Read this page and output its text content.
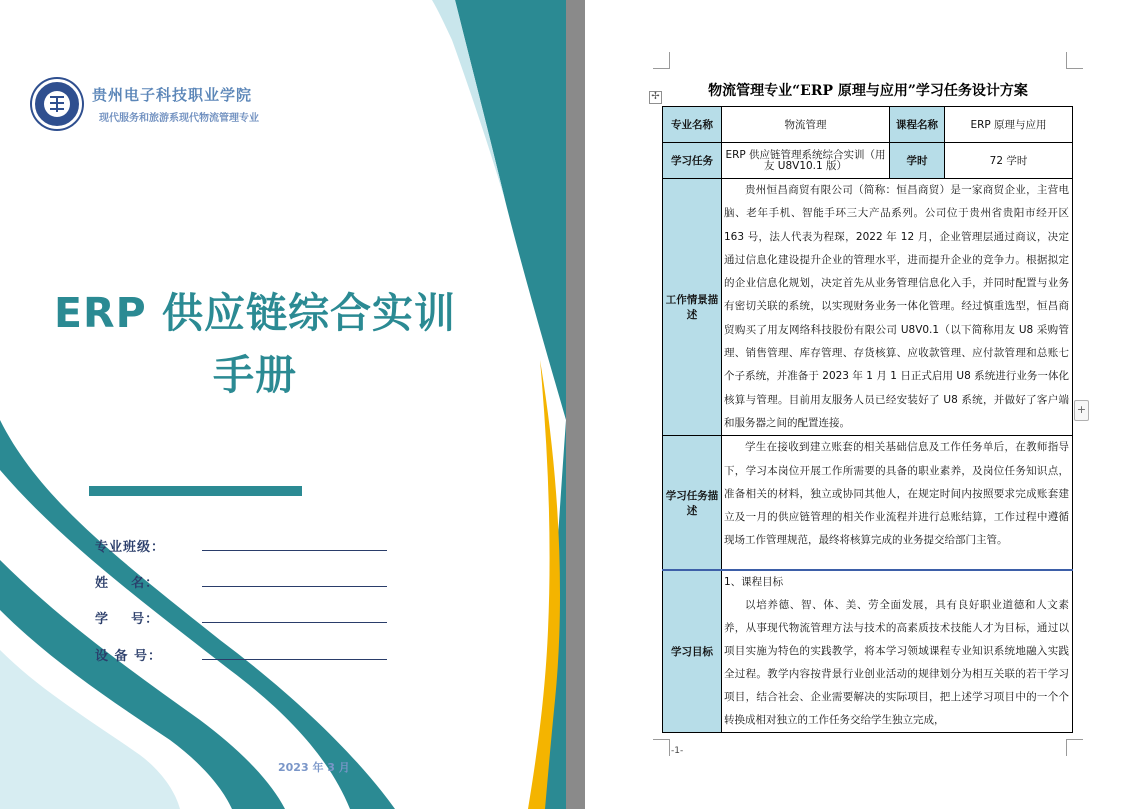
贵州电子科技职业学院
现代服务和旅游系现代物流管理专业
ERP 供应链综合实训
手册
专业班级：
姓    名：
学    号：
设 备 号：
2023 年 3 月
✢	物流管理专业“ERP 原理与应用”学习任务设计方案
专业名称	物流管理	课程名称	ERP 原理与应用
学习任务	ERP 供应链管理系统综合实训（用友 U8V10.1 版）	学时	72 学时
工作情景描述	贵州恒昌商贸有限公司（简称：恒昌商贸）是一家商贸企业，主营电脑、老年手机、智能手环三大产品系列。公司位于贵州省贵阳市经开区 163 号，法人代表为程琛，2022 年 12 月，企业管理层通过商议，决定通过信息化建设提升企业的管理水平，进而提升企业的竞争力。根据拟定的企业信息化规划，决定首先从业务管理信息化入手，并同时配置与业务有密切关联的系统，以实现财务业务一体化管理。经过慎重选型，恒昌商贸购买了用友网络科技股份有限公司 U8V0.1（以下简称用友 U8 采购管理、销售管理、库存管理、存货核算、应收款管理、应付款管理和总账七个子系统，并准备于 2023 年 1 月 1 日正式启用 U8 系统进行业务一体化核算与管理。目前用友服务人员已经安装好了 U8 系统，并做好了客户端和服务器之间的配置连接。		

学习任务描述	学生在接收到建立账套的相关基础信息及工作任务单后，在教师指导下，学习本岗位开展工作所需要的具备的职业素养，及岗位任务知识点，准备相关的材料，独立或协同其他人，在规定时间内按照要求完成账套建立及一月的供应链管理的相关作业流程并进行总账结算，工作过程中遵循现场工作管理规范，最终将核算完成的业务提交给部门主管。		

学习目标	1、课程目标
以培养德、智、体、美、劳全面发展，具有良好职业道德和人文素养，从事现代物流管理方法与技术的高素质技术技能人才为目标，通过以项目实施为特色的实践教学，将本学习领域课程专业知识系统地融入实践全过程。教学内容按背景行业创业活动的规律划分为相互关联的若干学习项目，结合社会、企业需要解决的实际项目，把上述学习项目中的一个个转换成相对独立的工作任务交给学生独立完成，		
-1-
+
